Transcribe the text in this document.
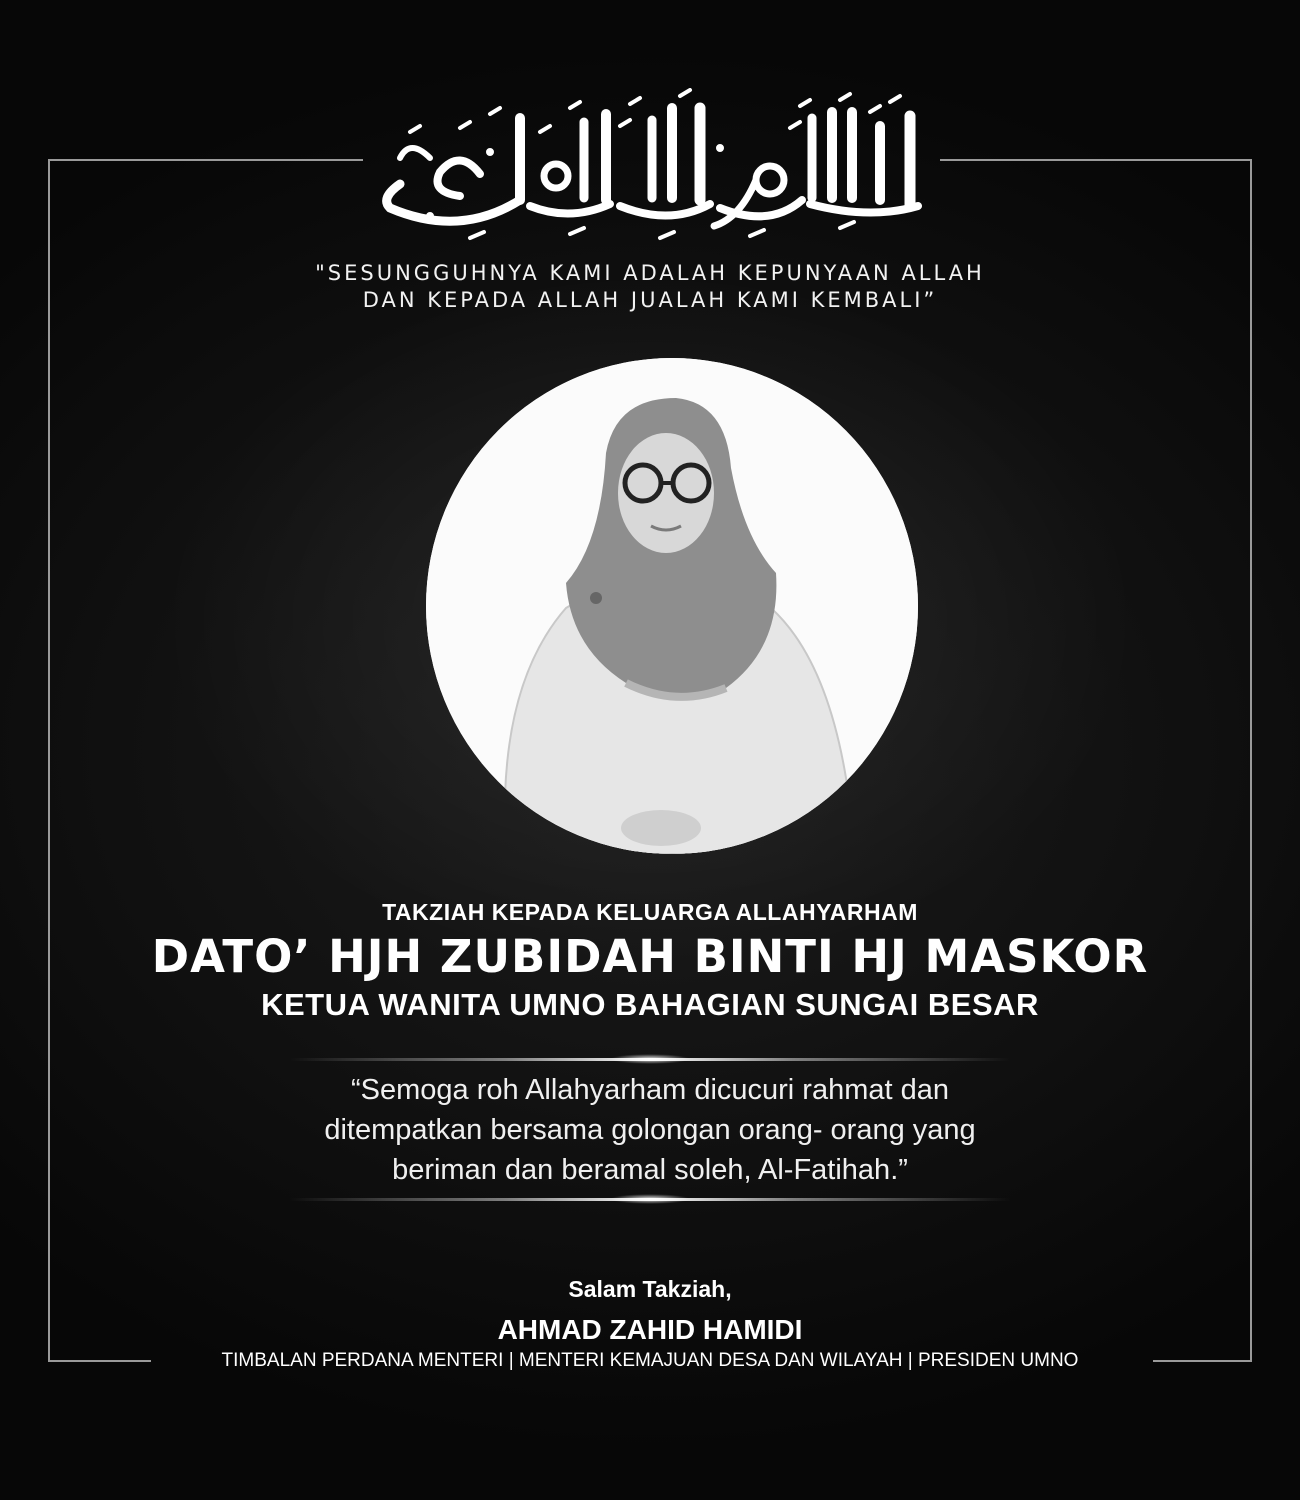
"SESUNGGUHNYA KAMI ADALAH KEPUNYAAN ALLAH
DAN KEPADA ALLAH JUALAH KAMI KEMBALI”
TAKZIAH KEPADA KELUARGA ALLAHYARHAM
DATO’ HJH ZUBIDAH BINTI HJ MASKOR
KETUA WANITA UMNO BAHAGIAN SUNGAI BESAR
“Semoga roh Allahyarham dicucuri rahmat dan
ditempatkan bersama golongan orang- orang yang
beriman dan beramal soleh, Al-Fatihah.”
Salam Takziah,
AHMAD ZAHID HAMIDI
TIMBALAN PERDANA MENTERI | MENTERI KEMAJUAN DESA DAN WILAYAH | PRESIDEN UMNO
